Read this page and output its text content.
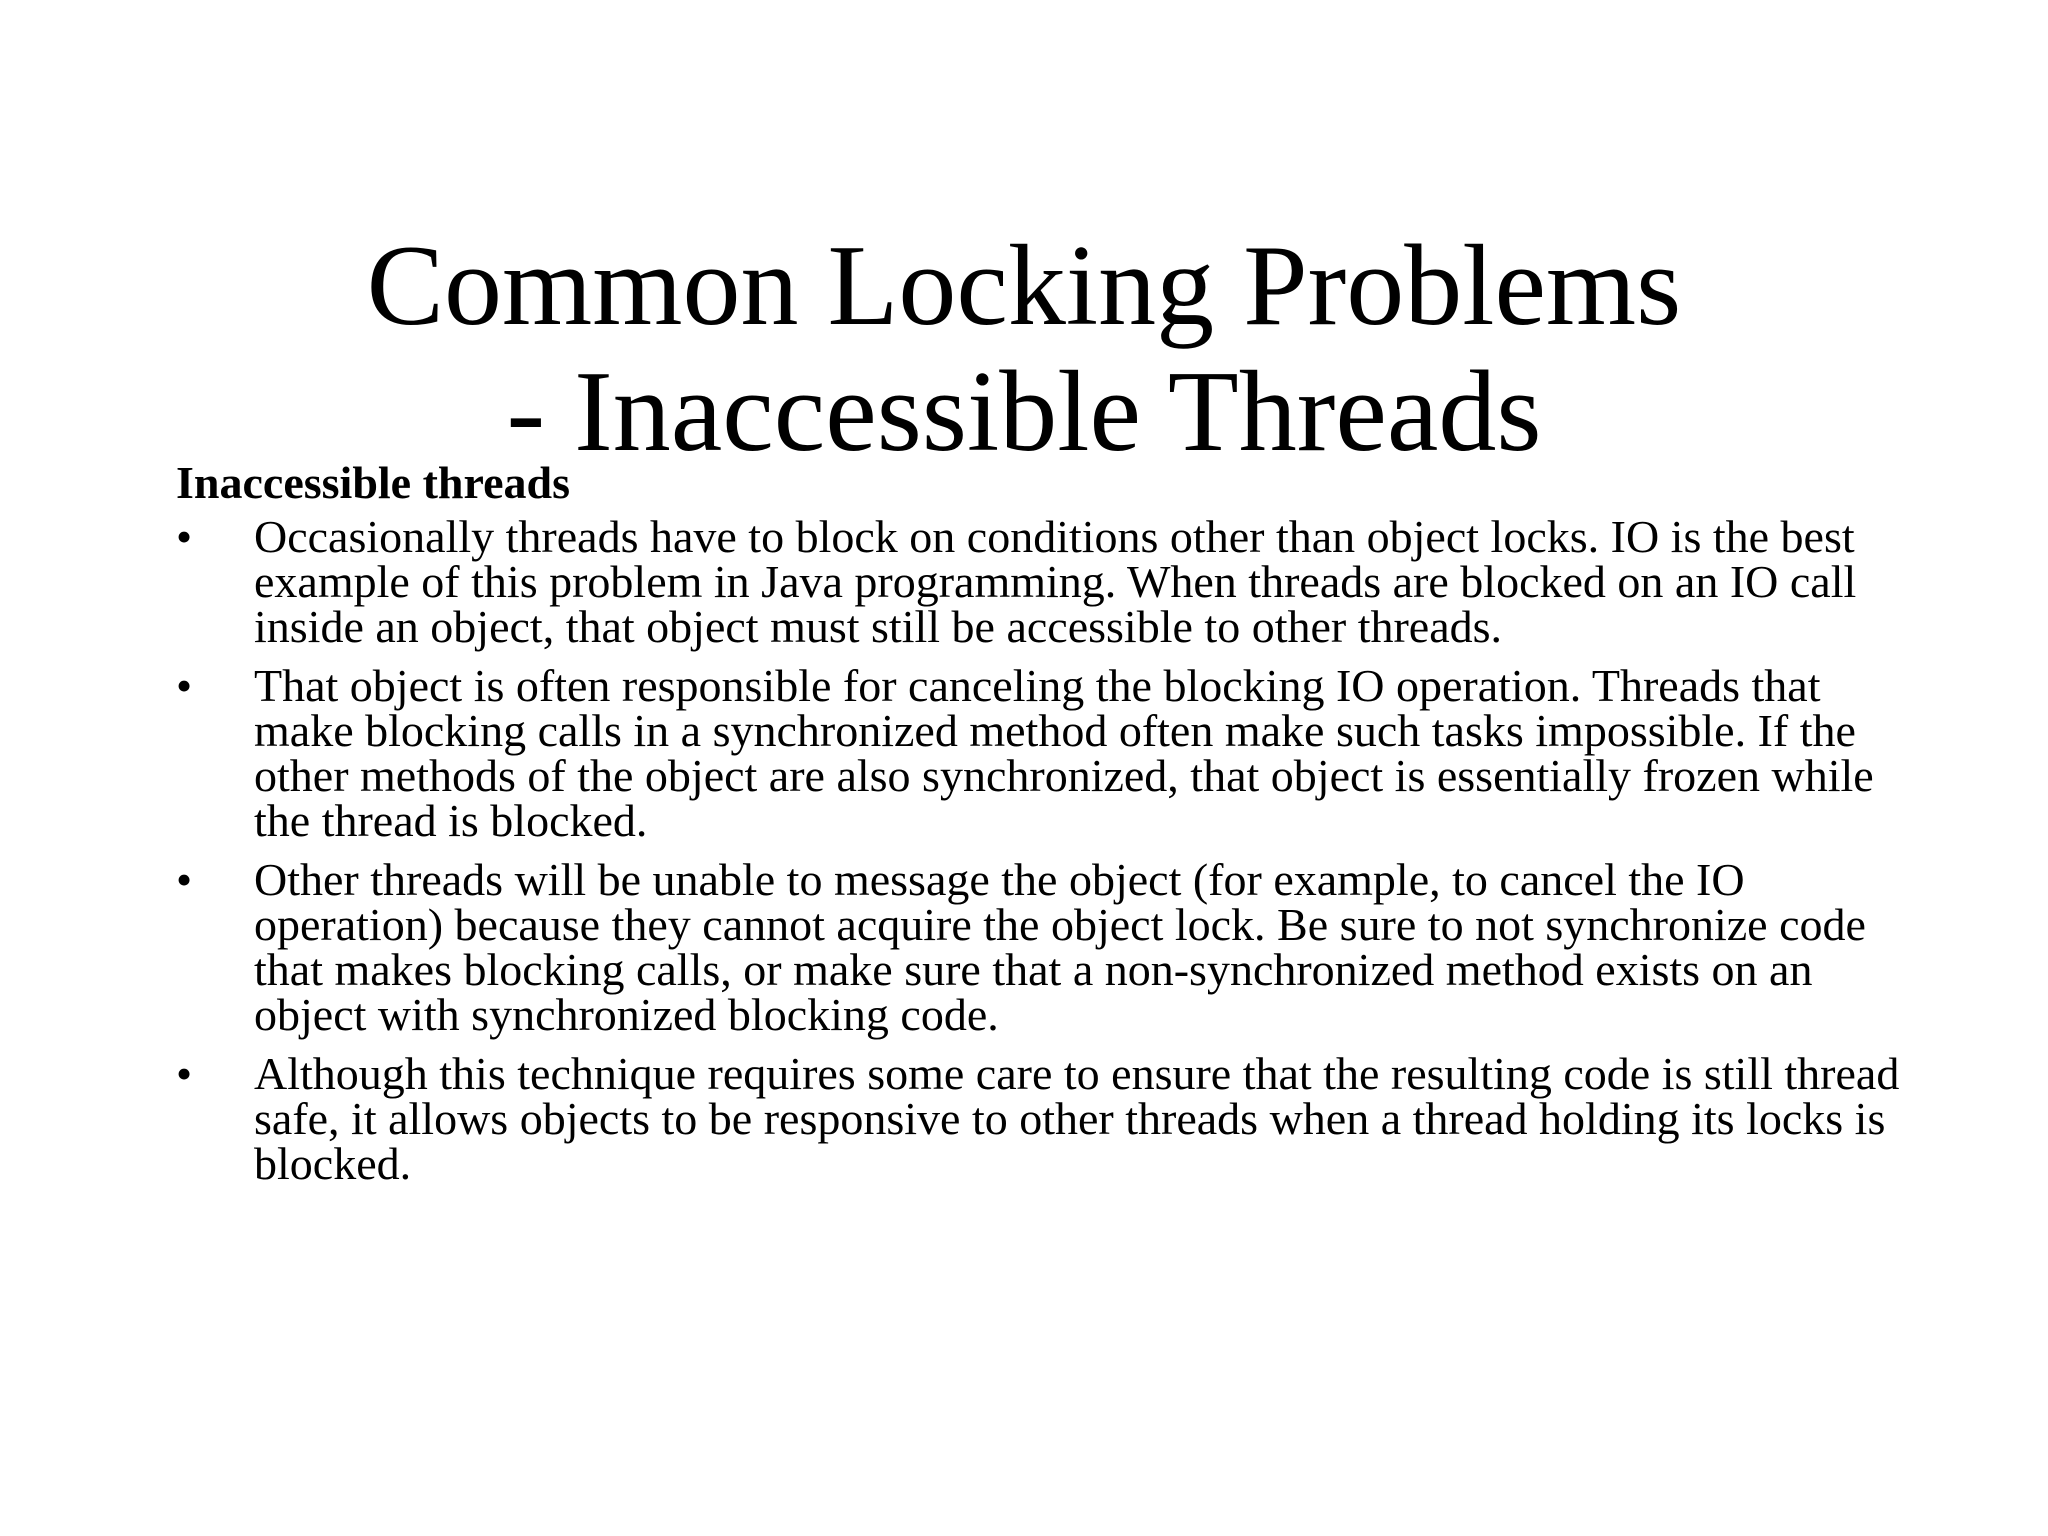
Common Locking Problems
- Inaccessible Threads
Inaccessible threads
•	Occasionally threads have to block on conditions other than object locks. IO is the best example of this problem in Java programming. When threads are blocked on an IO call inside an object, that object must still be accessible to other threads.
•	That object is often responsible for canceling the blocking IO operation. Threads that make blocking calls in a synchronized method often make such tasks impossible. If the other methods of the object are also synchronized, that object is essentially frozen while the thread is blocked.
•	Other threads will be unable to message the object (for example, to cancel the IO operation) because they cannot acquire the object lock. Be sure to not synchronize code that makes blocking calls, or make sure that a non-synchronized method exists on an object with synchronized blocking code.
•	Although this technique requires some care to ensure that the resulting code is still thread safe, it allows objects to be responsive to other threads when a thread holding its locks is blocked.
